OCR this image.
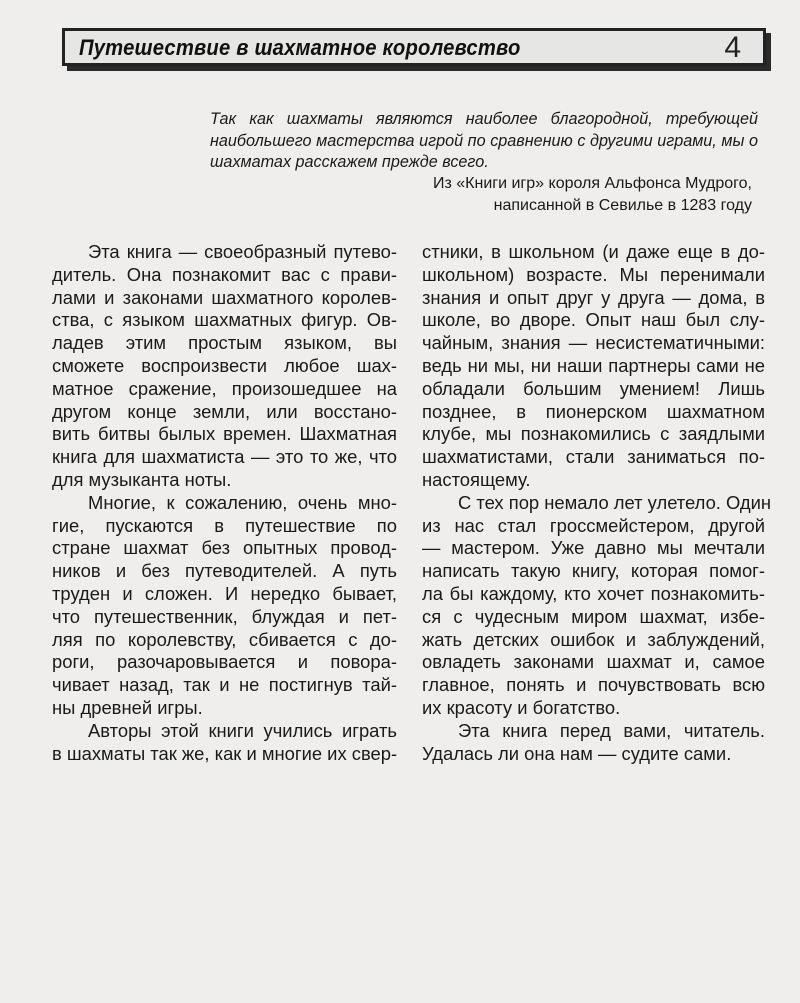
Путешествие в шахматное королевство	4
Так как шахматы являются наиболее благородной, требующей наибольшего мастерства игрой по сравнению с другими играми, мы о шахматах расскажем прежде всего.
Из «Книги игр» короля Альфонса Мудрого,
написанной в Севилье в 1283 году
Эта книга — своеобразный путево-
дитель. Она познакомит вас с прави-
лами и законами шахматного королев-
ства, с языком шахматных фигур. Ов-
ладев этим простым языком, вы
сможете воспроизвести любое шах-
матное сражение, произошедшее на
другом конце земли, или восстано-
вить битвы былых времен. Шахматная
книга для шахматиста — это то же, что
для музыканта ноты.
Многие, к сожалению, очень мно-
гие, пускаются в путешествие по
стране шахмат без опытных провод-
ников и без путеводителей. А путь
труден и сложен. И нередко бывает,
что путешественник, блуждая и пет-
ляя по королевству, сбивается с до-
роги, разочаровывается и повора-
чивает назад, так и не постигнув тай-
ны древней игры.
Авторы этой книги учились играть
в шахматы так же, как и многие их свер-
стники, в школьном (и даже еще в до-
школьном) возрасте. Мы перенимали
знания и опыт друг у друга — дома, в
школе, во дворе. Опыт наш был слу-
чайным, знания — несистематичными:
ведь ни мы, ни наши партнеры сами не
обладали большим умением! Лишь
позднее, в пионерском шахматном
клубе, мы познакомились с заядлыми
шахматистами, стали заниматься по-
настоящему.
С тех пор немало лет улетело. Один
из нас стал гроссмейстером, другой
— мастером. Уже давно мы мечтали
написать такую книгу, которая помог-
ла бы каждому, кто хочет познакомить-
ся с чудесным миром шахмат, избе-
жать детских ошибок и заблуждений,
овладеть законами шахмат и, самое
главное, понять и почувствовать всю
их красоту и богатство.
Эта книга перед вами, читатель.
Удалась ли она нам — судите сами.
